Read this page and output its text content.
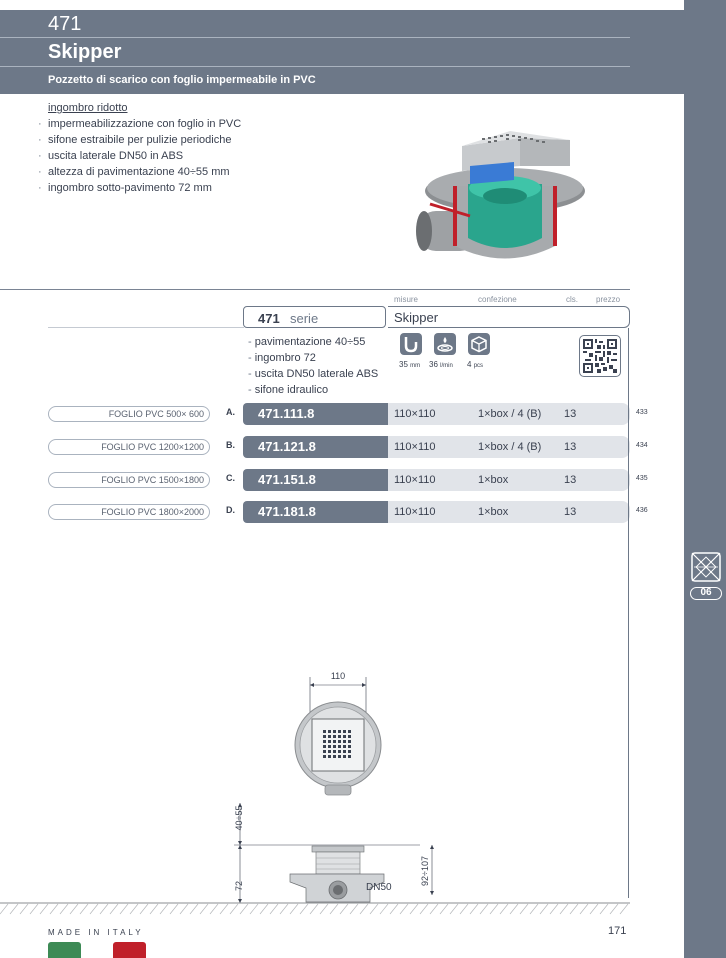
471
Skipper
Pozzetto di scarico con foglio impermeabile in PVC
06
ingombro ridotto
· impermeabilizzazione con foglio in PVC
· sifone estraibile per pulizie periodiche
· uscita laterale DN50 in ABS
· altezza di pavimentazione 40÷55 mm
· ingombro sotto-pavimento 72 mm
misure	confezione	cls. prezzo
471 serie	Skipper
- pavimentazione 40÷55
- ingombro 72
- uscita DN50 laterale ABS
- sifone idraulico
35 mm 36 l/min 4 pcs
FOGLIO PVC 500× 600	A. 471.111.8	110×110	1×box / 4 (B) 13	433
FOGLIO PVC 1200×1200	B. 471.121.8	110×110	1×box / 4 (B) 13	434
FOGLIO PVC 1500×1800	C. 471.151.8	110×110	1×box	13	435
FOGLIO PVC 1800×2000	D. 471.181.8	110×110	1×box	13	436
110
40÷55
72
92÷107
DN50
MADE IN ITALY	171
